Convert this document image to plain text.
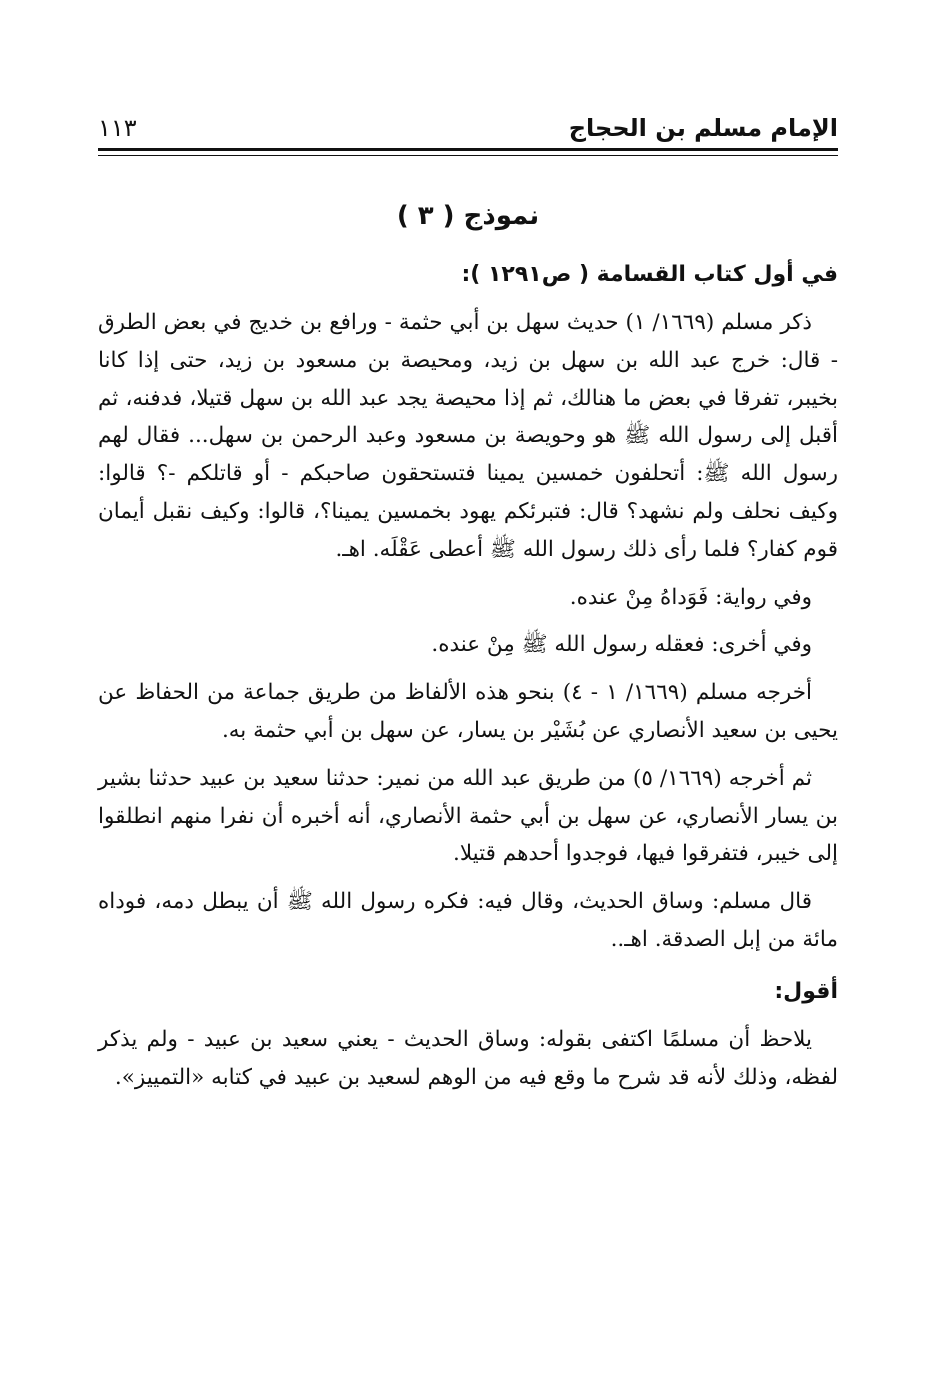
الإمام مسلم بن الحجاج
١١٣
نموذج ( ٣ )
في أول كتاب القسامة ( ص١٢٩١ ):

ذكر مسلم (١٦٦٩/ ١) حديث سهل بن أبي حثمة - ورافع بن خديج في بعض الطرق - قال: خرج عبد الله بن سهل بن زيد، ومحيصة بن مسعود بن زيد، حتى إذا كانا بخيبر، تفرقا في بعض ما هنالك، ثم إذا محيصة يجد عبد الله بن سهل قتيلا، فدفنه، ثم أقبل إلى رسول الله ﷺ هو وحويصة بن مسعود وعبد الرحمن بن سهل... فقال لهم رسول الله ﷺ: أتحلفون خمسين يمينا فتستحقون صاحبكم - أو قاتلكم -؟ قالوا: وكيف نحلف ولم نشهد؟ قال: فتبرئكم يهود بخمسين يمينا؟، قالوا: وكيف نقبل أيمان قوم كفار؟ فلما رأى ذلك رسول الله ﷺ أعطى عَقْلَه. اهـ.

وفي رواية: فَوَداهُ مِنْ عنده.

وفي أخرى: فعقله رسول الله ﷺ مِنْ عنده.

أخرجه مسلم (١٦٦٩/ ١ - ٤) بنحو هذه الألفاظ من طريق جماعة من الحفاظ عن يحيى بن سعيد الأنصاري عن بُشَيْر بن يسار، عن سهل بن أبي حثمة به.

ثم أخرجه (١٦٦٩/ ٥) من طريق عبد الله من نمير: حدثنا سعيد بن عبيد حدثنا بشير بن يسار الأنصاري، عن سهل بن أبي حثمة الأنصاري، أنه أخبره أن نفرا منهم انطلقوا إلى خيبر، فتفرقوا فيها، فوجدوا أحدهم قتيلا.

قال مسلم: وساق الحديث، وقال فيه: فكره رسول الله ﷺ أن يبطل دمه، فوداه مائة من إبل الصدقة. اهـ..

أقول:

يلاحظ أن مسلمًا اكتفى بقوله: وساق الحديث - يعني سعيد بن عبيد - ولم يذكر لفظه، وذلك لأنه قد شرح ما وقع فيه من الوهم لسعيد بن عبيد في كتابه «التمييز».
